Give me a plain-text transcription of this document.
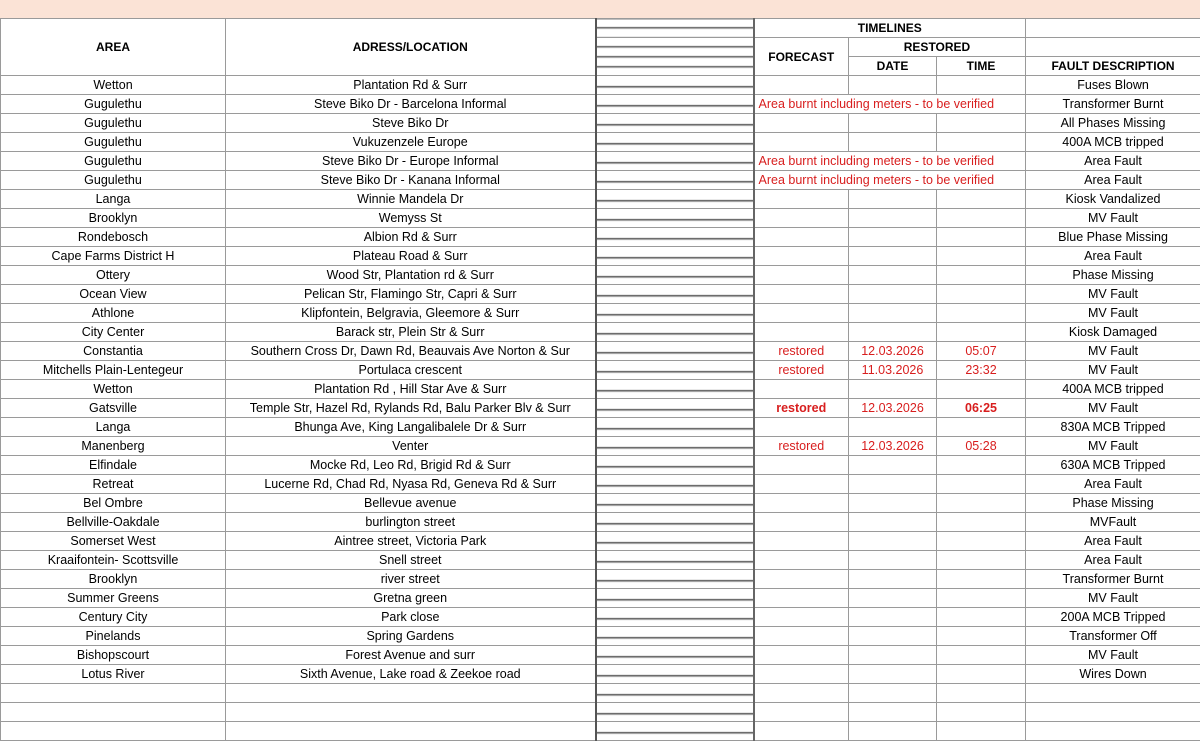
AREA	ADRESS/LOCATION		TIMELINES			
			FORECAST	RESTORED		
				DATE	TIME	FAULT DESCRIPTION
Wetton	Plantation Rd & Surr					Fuses Blown
Gugulethu	Steve Biko Dr - Barcelona Informal		Area burnt including meters - to be verified			Transformer Burnt
Gugulethu	Steve Biko Dr					All Phases Missing
Gugulethu	Vukuzenzele Europe					400A MCB tripped
Gugulethu	Steve Biko Dr - Europe Informal		Area burnt including meters - to be verified			Area Fault
Gugulethu	Steve Biko Dr - Kanana Informal		Area burnt including meters - to be verified			Area Fault
Langa	Winnie Mandela Dr					Kiosk Vandalized
Brooklyn	Wemyss St					MV Fault
Rondebosch	Albion Rd & Surr					Blue Phase Missing
Cape Farms District H	Plateau Road & Surr					Area Fault
Ottery	Wood Str, Plantation rd & Surr					Phase Missing
Ocean View	Pelican Str, Flamingo Str, Capri & Surr					MV Fault
Athlone	Klipfontein, Belgravia, Gleemore & Surr					MV Fault
City Center	Barack str, Plein Str & Surr					Kiosk Damaged
Constantia	Southern Cross Dr, Dawn Rd, Beauvais Ave Norton & Sur		restored	12.03.2026	05:07	MV Fault
Mitchells Plain-Lentegeur	Portulaca crescent		restored	11.03.2026	23:32	MV Fault
Wetton	Plantation Rd , Hill Star Ave & Surr					400A MCB tripped
Gatsville	Temple Str, Hazel Rd, Rylands Rd, Balu Parker Blv & Surr		restored	12.03.2026	06:25	MV Fault
Langa	Bhunga Ave, King Langalibalele Dr & Surr					830A MCB Tripped
Manenberg	Venter		restored	12.03.2026	05:28	MV Fault
Elfindale	Mocke Rd, Leo Rd, Brigid Rd & Surr					630A MCB Tripped
Retreat	Lucerne Rd, Chad Rd, Nyasa Rd, Geneva Rd & Surr					Area Fault
Bel Ombre	Bellevue avenue					Phase Missing
Bellville-Oakdale	burlington street					MVFault
Somerset West	Aintree street, Victoria Park					Area Fault
Kraaifontein- Scottsville	Snell street					Area Fault
Brooklyn	river street					Transformer Burnt
Summer Greens	Gretna green					MV Fault
Century City	Park close					200A MCB Tripped
Pinelands	Spring Gardens					Transformer Off
Bishopscourt	Forest Avenue and surr					MV Fault
Lotus River	Sixth Avenue, Lake road & Zeekoe road					Wires Down
